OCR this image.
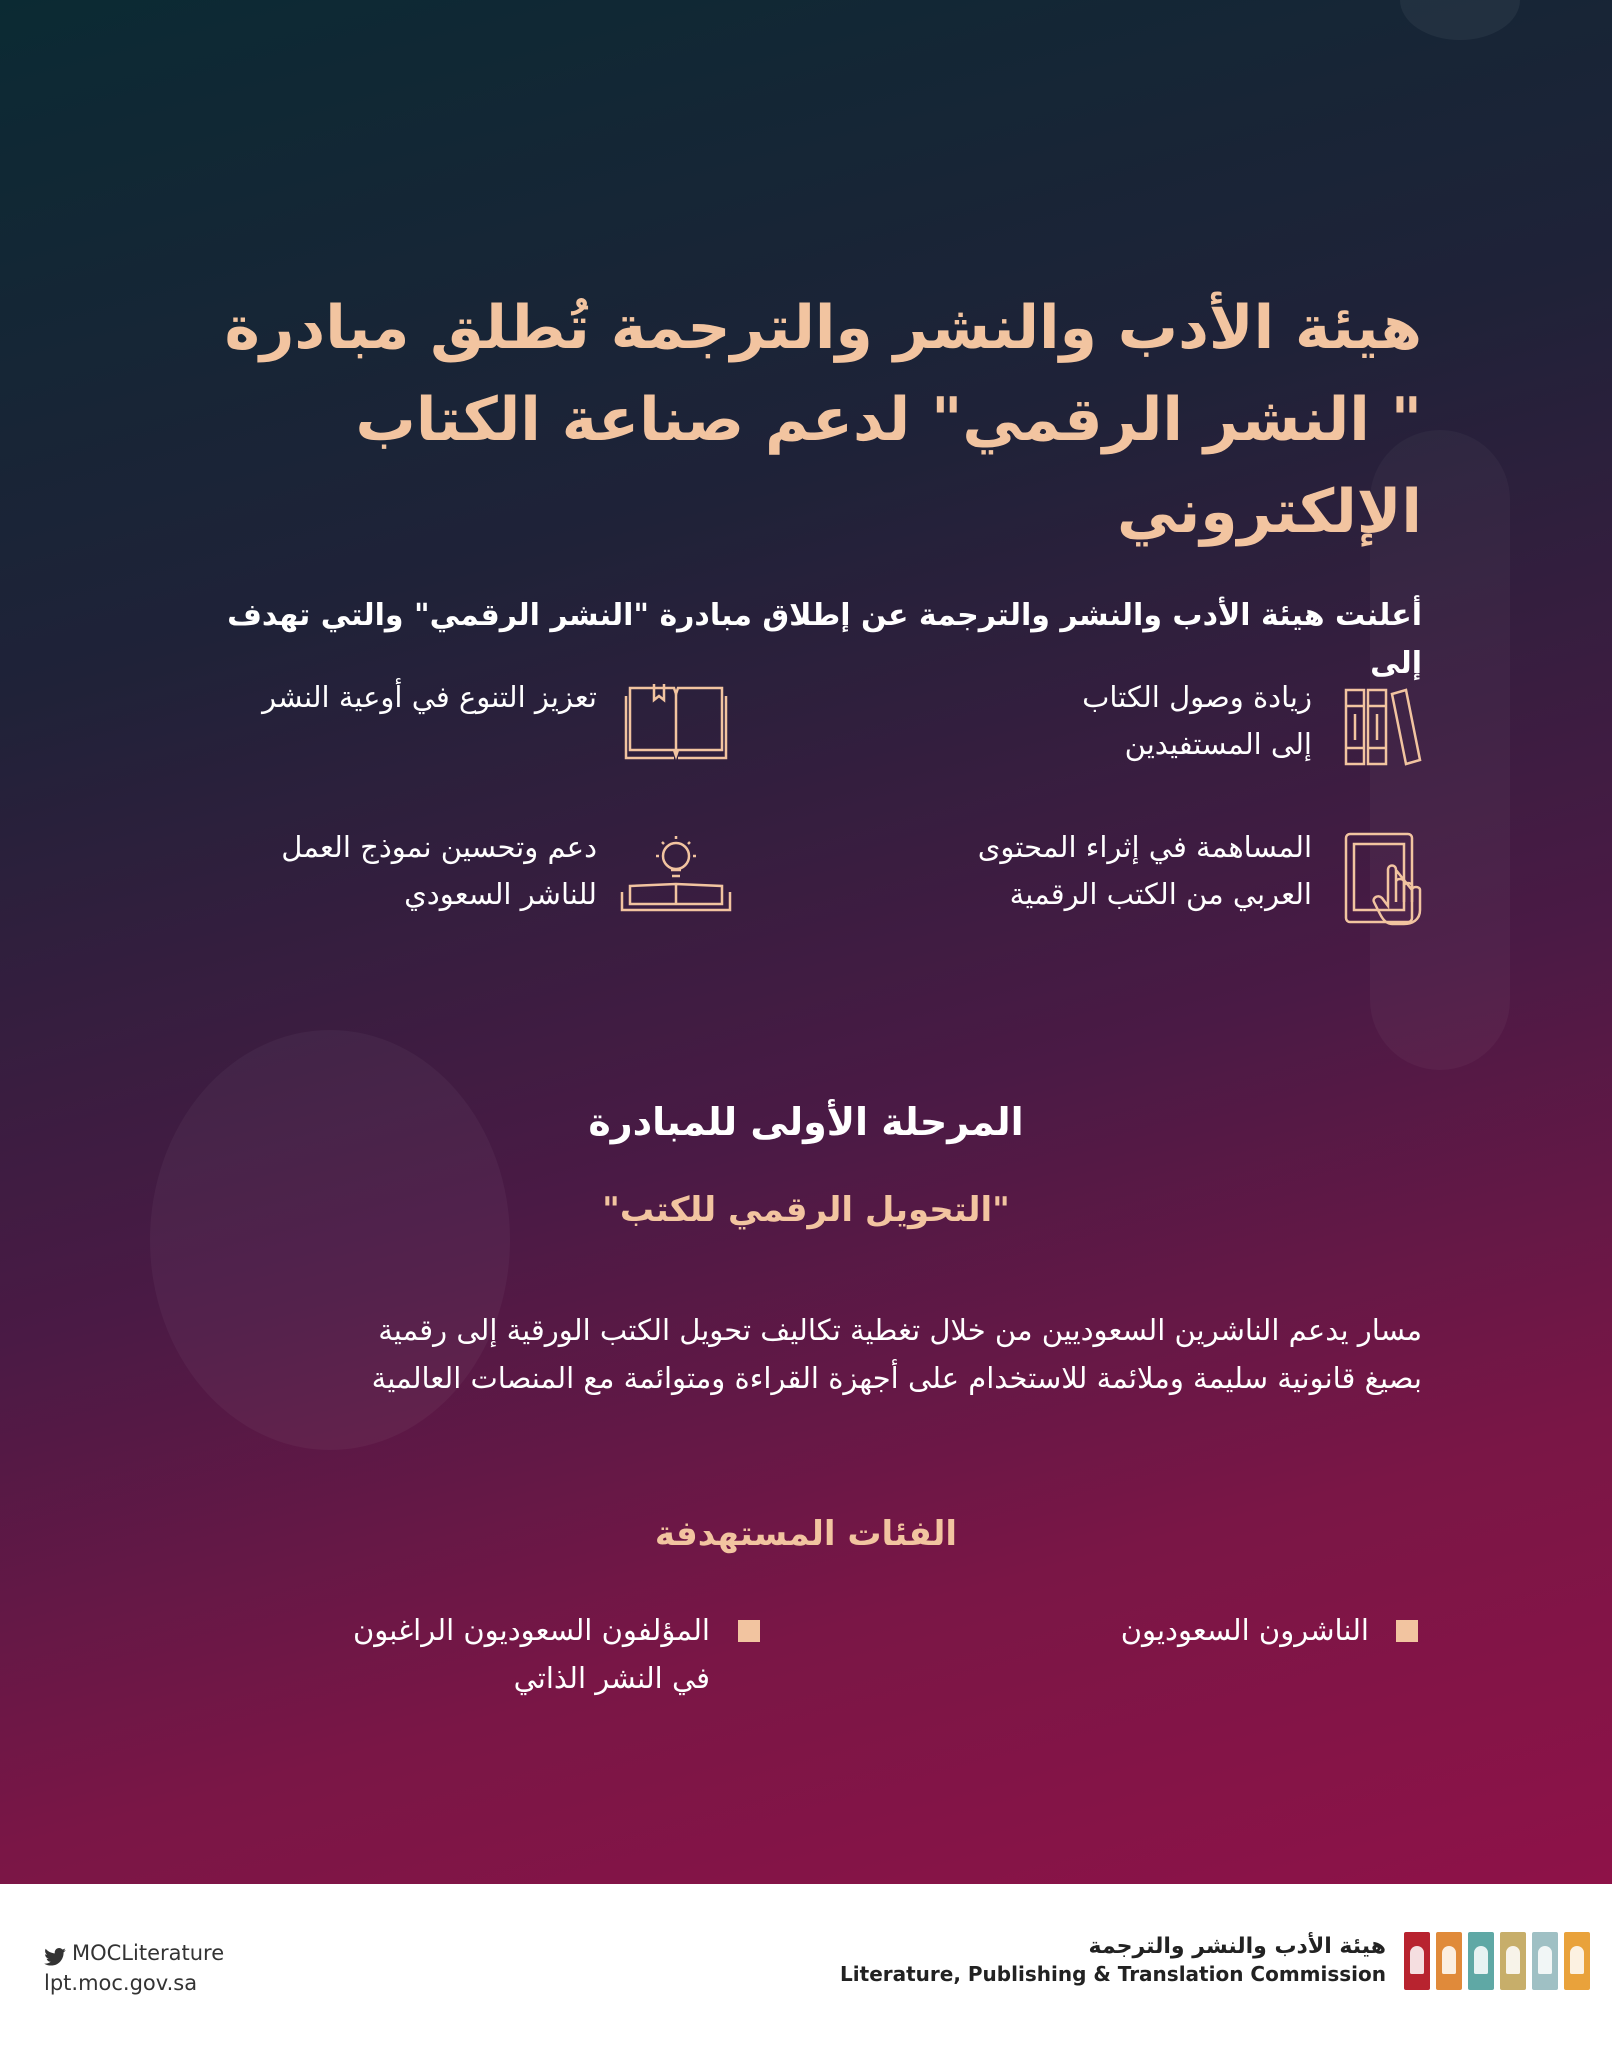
هيئة الأدب والنشر والترجمة تُطلق مبادرة
" النشر الرقمي" لدعم صناعة الكتاب الإلكتروني
أعلنت هيئة الأدب والنشر والترجمة عن إطلاق مبادرة "النشر الرقمي" والتي تهدف إلى
زيادة وصول الكتاب
إلى المستفيدين
تعزيز التنوع في أوعية النشر
المساهمة في إثراء المحتوى
العربي من الكتب الرقمية
دعم وتحسين نموذج العمل
للناشر السعودي
المرحلة الأولى للمبادرة
"التحويل الرقمي للكتب"
مسار يدعم الناشرين السعوديين من خلال تغطية تكاليف تحويل الكتب الورقية إلى رقمية
بصيغ قانونية سليمة وملائمة للاستخدام على أجهزة القراءة ومتوائمة مع المنصات العالمية
الفئات المستهدفة
الناشرون السعوديون
المؤلفون السعوديون الراغبون
في النشر الذاتي
MOCLiterature
lpt.moc.gov.sa
هيئة الأدب والنشر والترجمة
Literature, Publishing & Translation Commission
